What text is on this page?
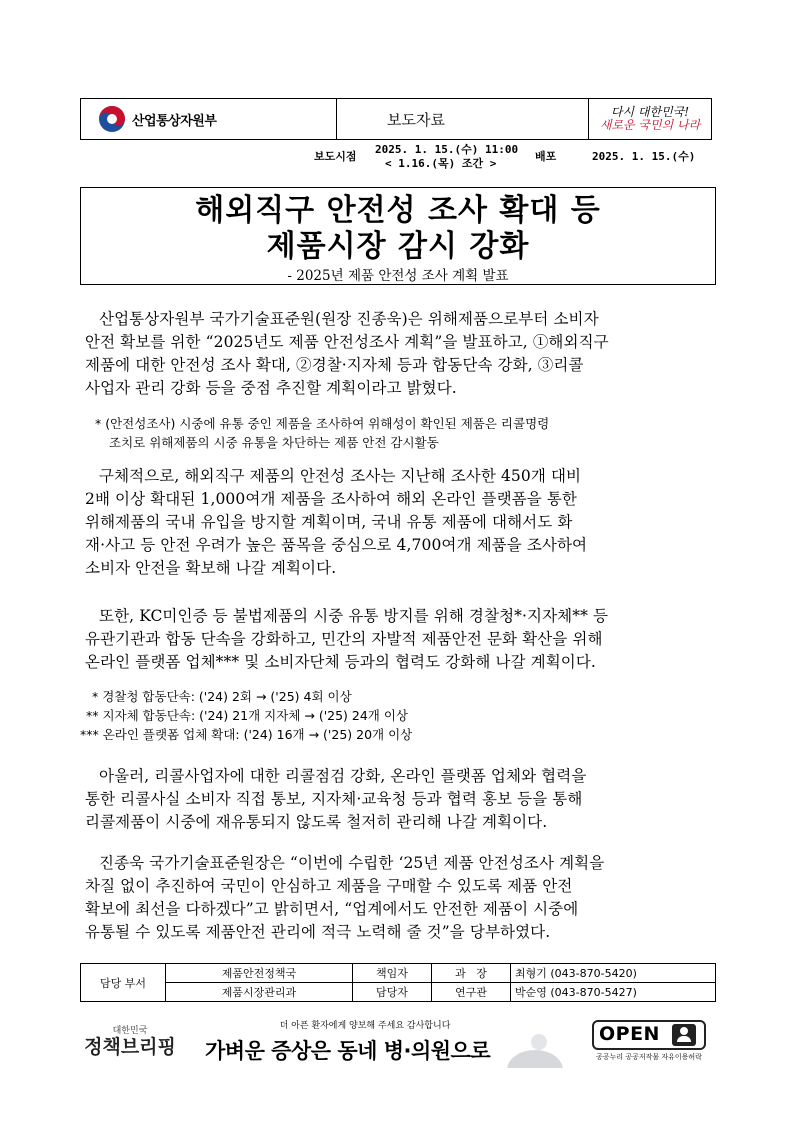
산업통상자원부	보도자료	다시 대한민국!
새로운 국민의 나라
보도시점
2025. 1. 15.(수) 11:00
< 1.16.(목) 조간 >
배포	2025. 1. 15.(수)
해외직구 안전성 조사 확대 등
제품시장 감시 강화
- 2025년 제품 안전성 조사 계획 발표
산업통상자원부 국가기술표준원(원장 진종욱)은 위해제품으로부터 소비자
안전 확보를 위한 “2025년도 제품 안전성조사 계획”을 발표하고, ①해외직구
제품에 대한 안전성 조사 확대, ②경찰·지자체 등과 합동단속 강화, ③리콜
사업자 관리 강화 등을 중점 추진할 계획이라고 밝혔다.
* (안전성조사) 시중에 유통 중인 제품을 조사하여 위해성이 확인된 제품은 리콜명령
조치로 위해제품의 시중 유통을 차단하는 제품 안전 감시활동
구체적으로, 해외직구 제품의 안전성 조사는 지난해 조사한 450개 대비
2배 이상 확대된 1,000여개 제품을 조사하여 해외 온라인 플랫폼을 통한
위해제품의 국내 유입을 방지할 계획이며, 국내 유통 제품에 대해서도 화
재·사고 등 안전 우려가 높은 품목을 중심으로 4,700여개 제품을 조사하여
소비자 안전을 확보해 나갈 계획이다.
또한, KC미인증 등 불법제품의 시중 유통 방지를 위해 경찰청*·지자체** 등
유관기관과 합동 단속을 강화하고, 민간의 자발적 제품안전 문화 확산을 위해
온라인 플랫폼 업체*** 및 소비자단체 등과의 협력도 강화해 나갈 계획이다.
* 경찰청 합동단속: ('24) 2회 → ('25) 4회 이상
** 지자체 합동단속: ('24) 21개 지자체 → ('25) 24개 이상
*** 온라인 플랫폼 업체 확대: ('24) 16개 → ('25) 20개 이상
아울러, 리콜사업자에 대한 리콜점검 강화, 온라인 플랫폼 업체와 협력을
통한 리콜사실 소비자 직접 통보, 지자체·교육청 등과 협력 홍보 등을 통해
리콜제품이 시중에 재유통되지 않도록 철저히 관리해 나갈 계획이다.
진종욱 국가기술표준원장은 “이번에 수립한 ‘25년 제품 안전성조사 계획을
차질 없이 추진하여 국민이 안심하고 제품을 구매할 수 있도록 제품 안전
확보에 최선을 다하겠다”고 밝히면서, “업계에서도 안전한 제품이 시중에
유통될 수 있도록 제품안전 관리에 적극 노력해 줄 것”을 당부하였다.
담당 부서	제품안전정책국	책임자	과   장	최형기 (043-870-5420)
	제품시장관리과	담당자	연구관	박순영 (043-870-5427)
대한민국
정책브리핑
더 아픈 환자에게 양보해 주세요 감사합니다
가벼운 증상은 동네 병·의원으로
OPEN
공공누리 공공저작물 자유이용허락
